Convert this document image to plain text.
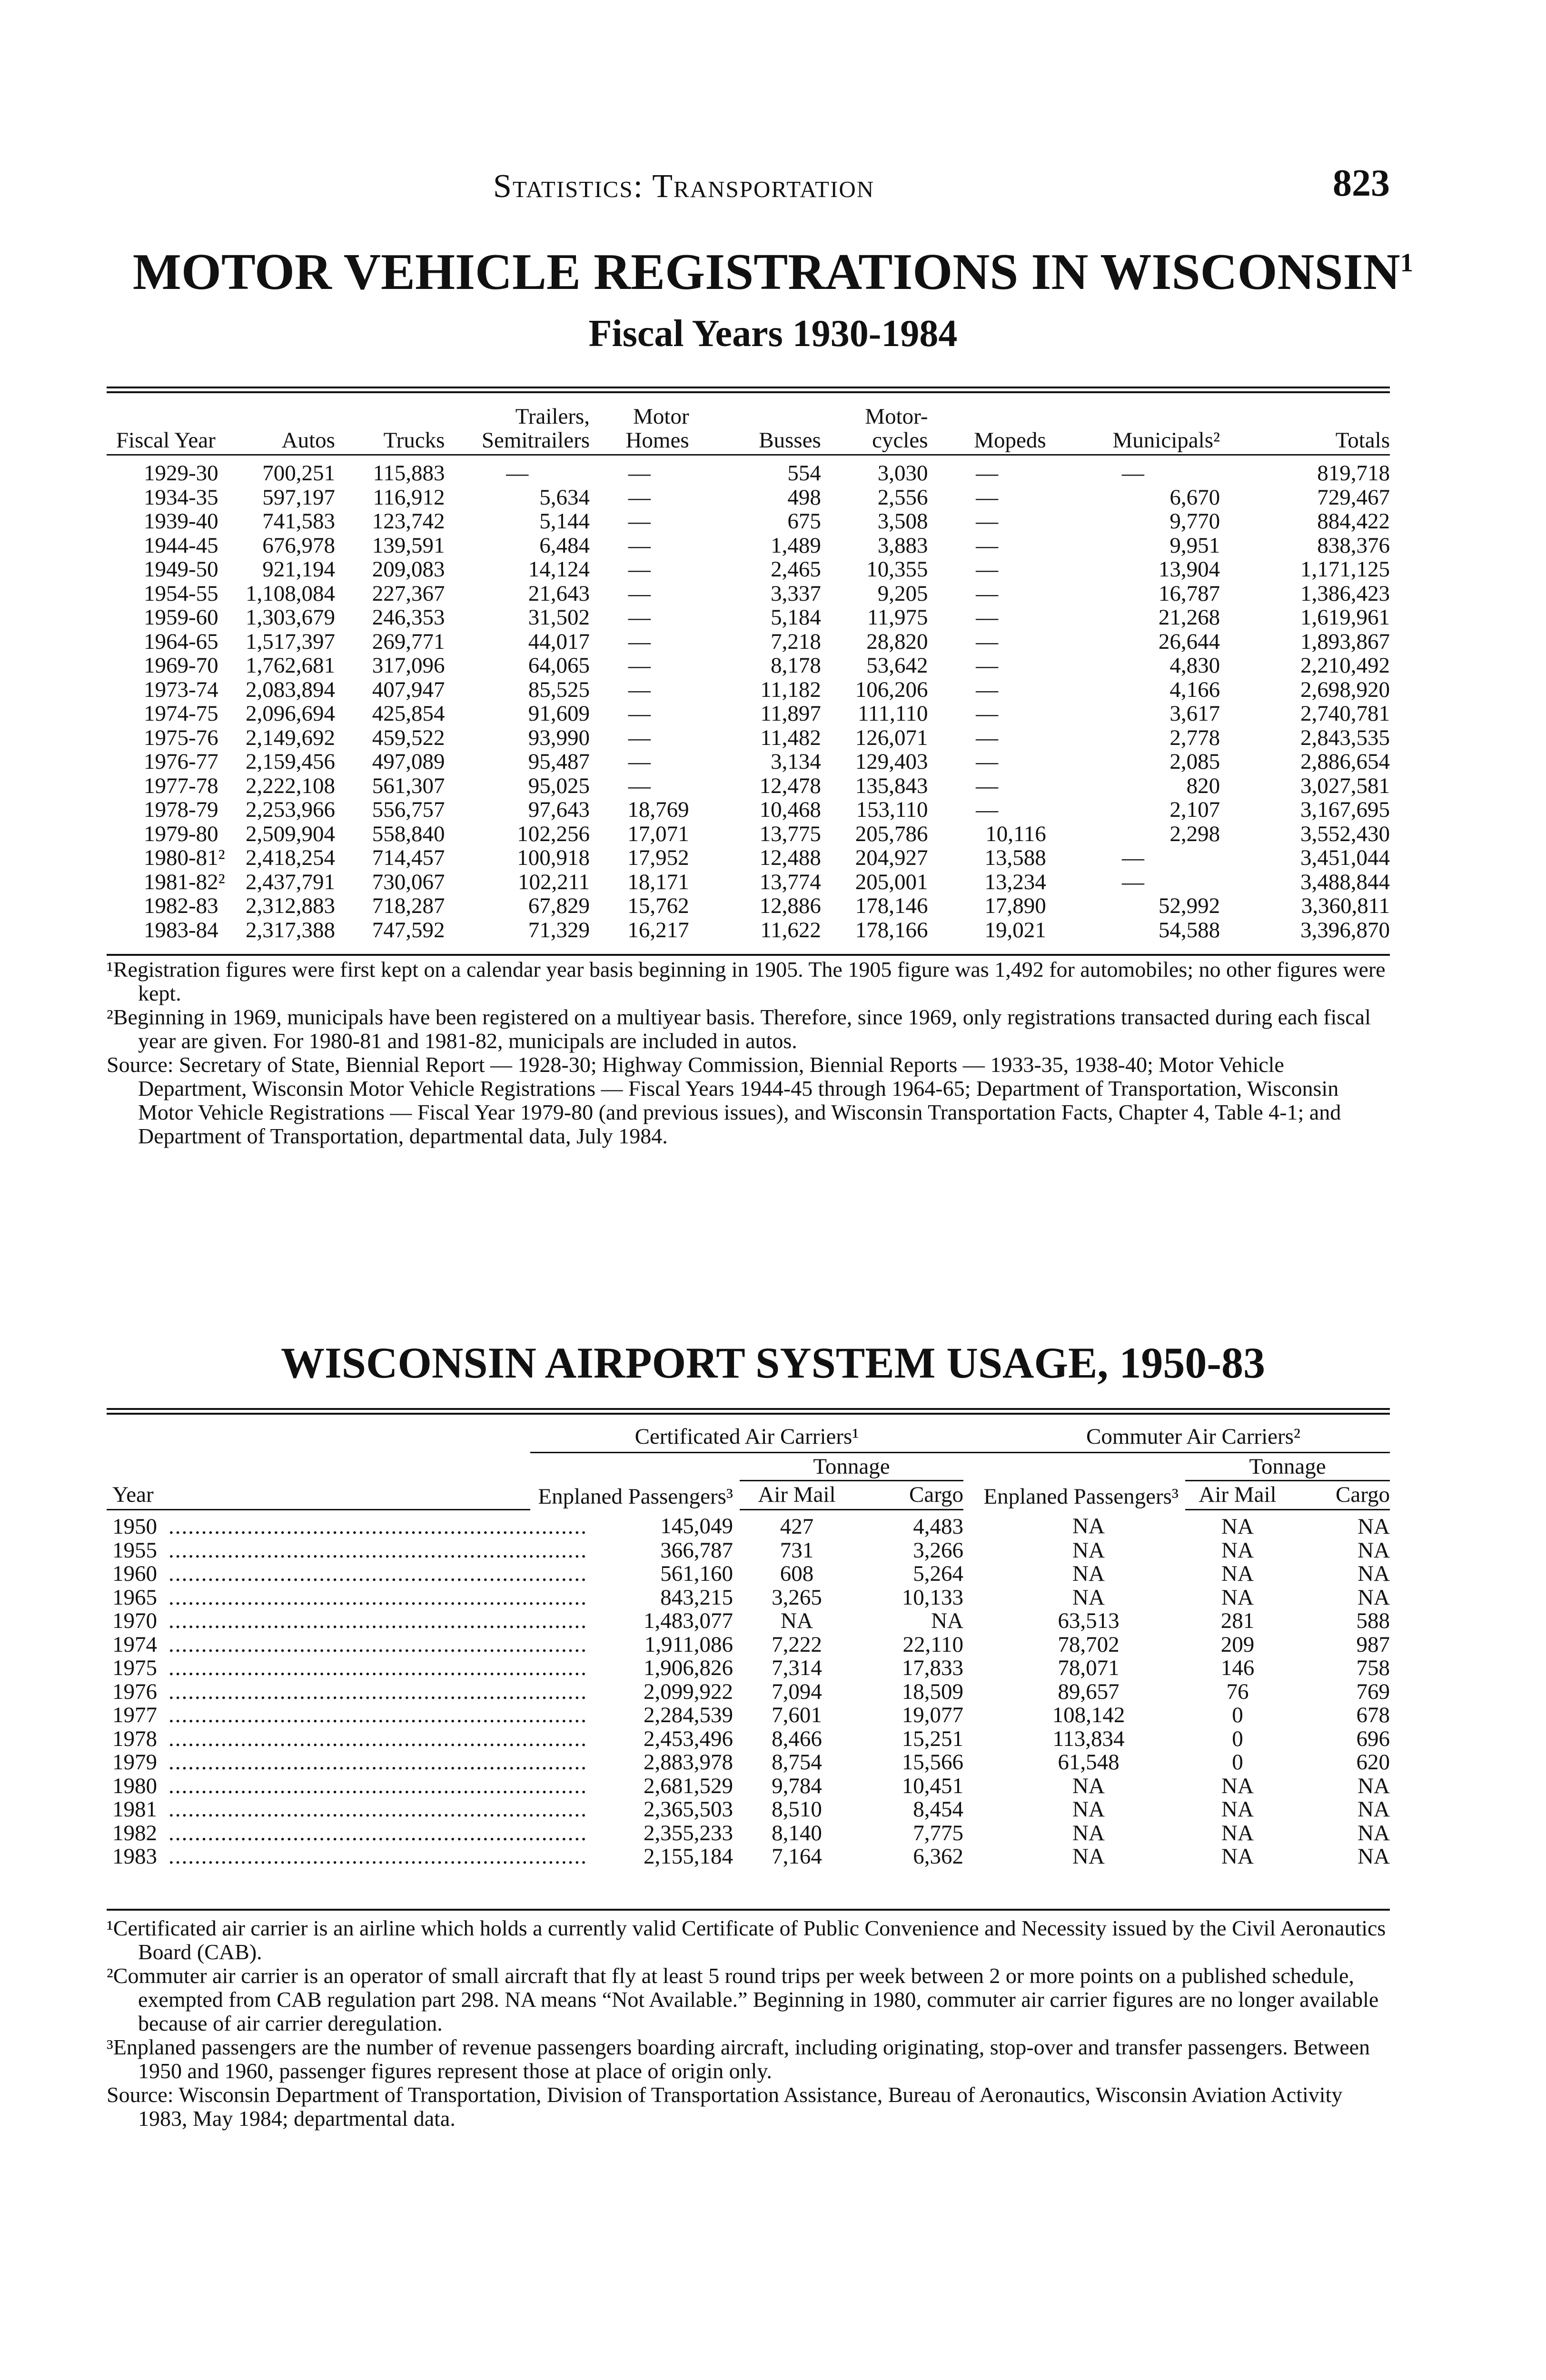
Statistics: Transportation	823
MOTOR VEHICLE REGISTRATIONS IN WISCONSIN$^1$
Fiscal Years 1930-1984
Fiscal Year	Autos	Trucks	Trailers, Semitrailers	Motor Homes	Busses	Motor- cycles	Mopeds	Municipals²	Totals
1929-30	700,251	115,883	—	—	554	3,030	—	—	819,718
1934-35	597,197	116,912	5,634	—	498	2,556	—	6,670	729,467
1939-40	741,583	123,742	5,144	—	675	3,508	—	9,770	884,422
1944-45	676,978	139,591	6,484	—	1,489	3,883	—	9,951	838,376
1949-50	921,194	209,083	14,124	—	2,465	10,355	—	13,904	1,171,125
1954-55	1,108,084	227,367	21,643	—	3,337	9,205	—	16,787	1,386,423
1959-60	1,303,679	246,353	31,502	—	5,184	11,975	—	21,268	1,619,961
1964-65	1,517,397	269,771	44,017	—	7,218	28,820	—	26,644	1,893,867
1969-70	1,762,681	317,096	64,065	—	8,178	53,642	—	4,830	2,210,492
1973-74	2,083,894	407,947	85,525	—	11,182	106,206	—	4,166	2,698,920
1974-75	2,096,694	425,854	91,609	—	11,897	111,110	—	3,617	2,740,781
1975-76	2,149,692	459,522	93,990	—	11,482	126,071	—	2,778	2,843,535
1976-77	2,159,456	497,089	95,487	—	3,134	129,403	—	2,085	2,886,654
1977-78	2,222,108	561,307	95,025	—	12,478	135,843	—	820	3,027,581
1978-79	2,253,966	556,757	97,643	18,769	10,468	153,110	—	2,107	3,167,695
1979-80	2,509,904	558,840	102,256	17,071	13,775	205,786	10,116	2,298	3,552,430
1980-81²	2,418,254	714,457	100,918	17,952	12,488	204,927	13,588	—	3,451,044
1981-82²	2,437,791	730,067	102,211	18,171	13,774	205,001	13,234	—	3,488,844
1982-83	2,312,883	718,287	67,829	15,762	12,886	178,146	17,890	52,992	3,360,811
1983-84	2,317,388	747,592	71,329	16,217	11,622	178,166	19,021	54,588	3,396,870

¹Registration figures were first kept on a calendar year basis beginning in 1905. The 1905 figure was 1,492 for automobiles; no other figures were kept.

²Beginning in 1969, municipals have been registered on a multiyear basis. Therefore, since 1969, only registrations transacted during each fiscal year are given. For 1980-81 and 1981-82, municipals are included in autos.

Source: Secretary of State, Biennial Report — 1928-30; Highway Commission, Biennial Reports — 1933-35, 1938-40; Motor Vehicle Department, Wisconsin Motor Vehicle Registrations — Fiscal Years 1944-45 through 1964-65; Department of Transportation, Wisconsin Motor Vehicle Registrations — Fiscal Year 1979-80 (and previous issues), and Wisconsin Transportation Facts, Chapter 4, Table 4-1; and Department of Transportation, departmental data, July 1984.

WISCONSIN AIRPORT SYSTEM USAGE, 1950-83
	Certificated Air Carriers¹			Commuter Air Carriers²		
	Enplaned Passengers³	Tonnage		Enplaned Passengers³	Tonnage	
Year		Air Mail	Cargo		Air Mail	Cargo
1950 ................................................................	145,049	427	4,483	NA	NA	NA
1955 ................................................................	366,787	731	3,266	NA	NA	NA
1960 ................................................................	561,160	608	5,264	NA	NA	NA
1965 ................................................................	843,215	3,265	10,133	NA	NA	NA
1970 ................................................................	1,483,077	NA	NA	63,513	281	588
1974 ................................................................	1,911,086	7,222	22,110	78,702	209	987
1975 ................................................................	1,906,826	7,314	17,833	78,071	146	758
1976 ................................................................	2,099,922	7,094	18,509	89,657	76	769
1977 ................................................................	2,284,539	7,601	19,077	108,142	0	678
1978 ................................................................	2,453,496	8,466	15,251	113,834	0	696
1979 ................................................................	2,883,978	8,754	15,566	61,548	0	620
1980 ................................................................	2,681,529	9,784	10,451	NA	NA	NA
1981 ................................................................	2,365,503	8,510	8,454	NA	NA	NA
1982 ................................................................	2,355,233	8,140	7,775	NA	NA	NA
1983 ................................................................	2,155,184	7,164	6,362	NA	NA	NA

¹Certificated air carrier is an airline which holds a currently valid Certificate of Public Convenience and Necessity issued by the Civil Aeronautics Board (CAB).

²Commuter air carrier is an operator of small aircraft that fly at least 5 round trips per week between 2 or more points on a published schedule, exempted from CAB regulation part 298. NA means “Not Available.” Beginning in 1980, commuter air carrier figures are no longer available because of air carrier deregulation.

³Enplaned passengers are the number of revenue passengers boarding aircraft, including originating, stop-over and transfer passengers. Between 1950 and 1960, passenger figures represent those at place of origin only.

Source: Wisconsin Department of Transportation, Division of Transportation Assistance, Bureau of Aeronautics, Wisconsin Aviation Activity 1983, May 1984; departmental data.
